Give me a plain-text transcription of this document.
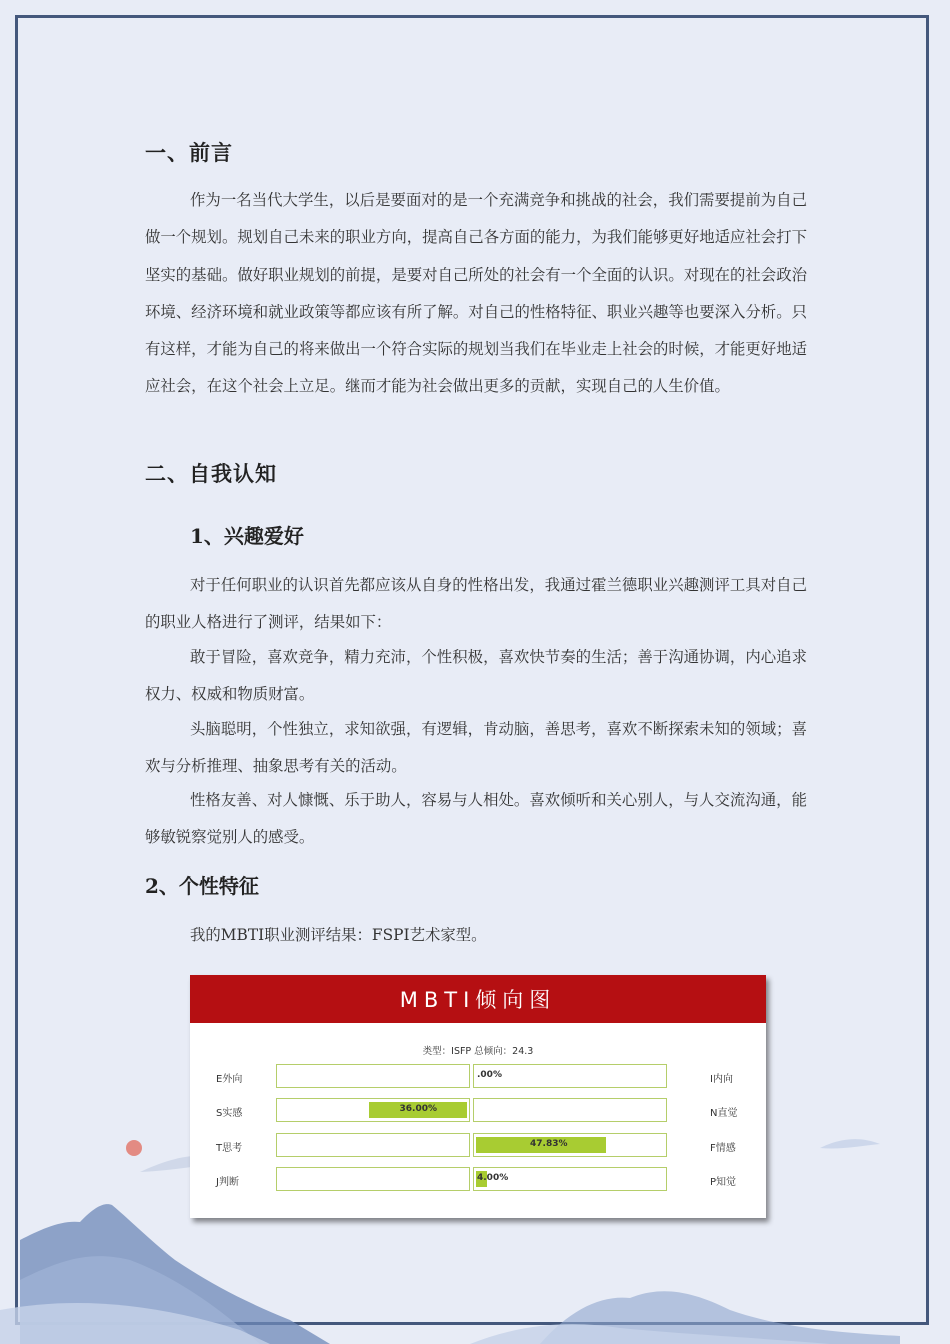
一、前言

作为一名当代大学生，以后是要面对的是一个充满竞争和挑战的社会，我们需要提前为自己做一个规划。规划自己未来的职业方向，提高自己各方面的能力，为我们能够更好地适应社会打下坚实的基础。做好职业规划的前提，是要对自己所处的社会有一个全面的认识。对现在的社会政治环境、经济环境和就业政策等都应该有所了解。对自己的性格特征、职业兴趣等也要深入分析。只有这样，才能为自己的将来做出一个符合实际的规划当我们在毕业走上社会的时候，才能更好地适应社会，在这个社会上立足。继而才能为社会做出更多的贡献，实现自己的人生价值。

二、自我认知
1、兴趣爱好

对于任何职业的认识首先都应该从自身的性格出发，我通过霍兰德职业兴趣测评工具对自己的职业人格进行了测评，结果如下：

敢于冒险，喜欢竞争，精力充沛，个性积极，喜欢快节奏的生活；善于沟通协调，内心追求权力、权威和物质财富。

头脑聪明，个性独立，求知欲强，有逻辑，肯动脑，善思考，喜欢不断探索未知的领域；喜欢与分析推理、抽象思考有关的活动。

性格友善、对人慷慨、乐于助人，容易与人相处。喜欢倾听和关心别人，与人交流沟通，能够敏锐察觉别人的感受。

2、个性特征

我的MBTI职业测评结果：FSPI艺术家型。

MBTI倾向图
类型：ISFP 总倾向：24.3
E外向	.00%	I内向
S实感	36.00%	N直觉
T思考	47.83%	F情感
J判断	4.00%	P知觉
